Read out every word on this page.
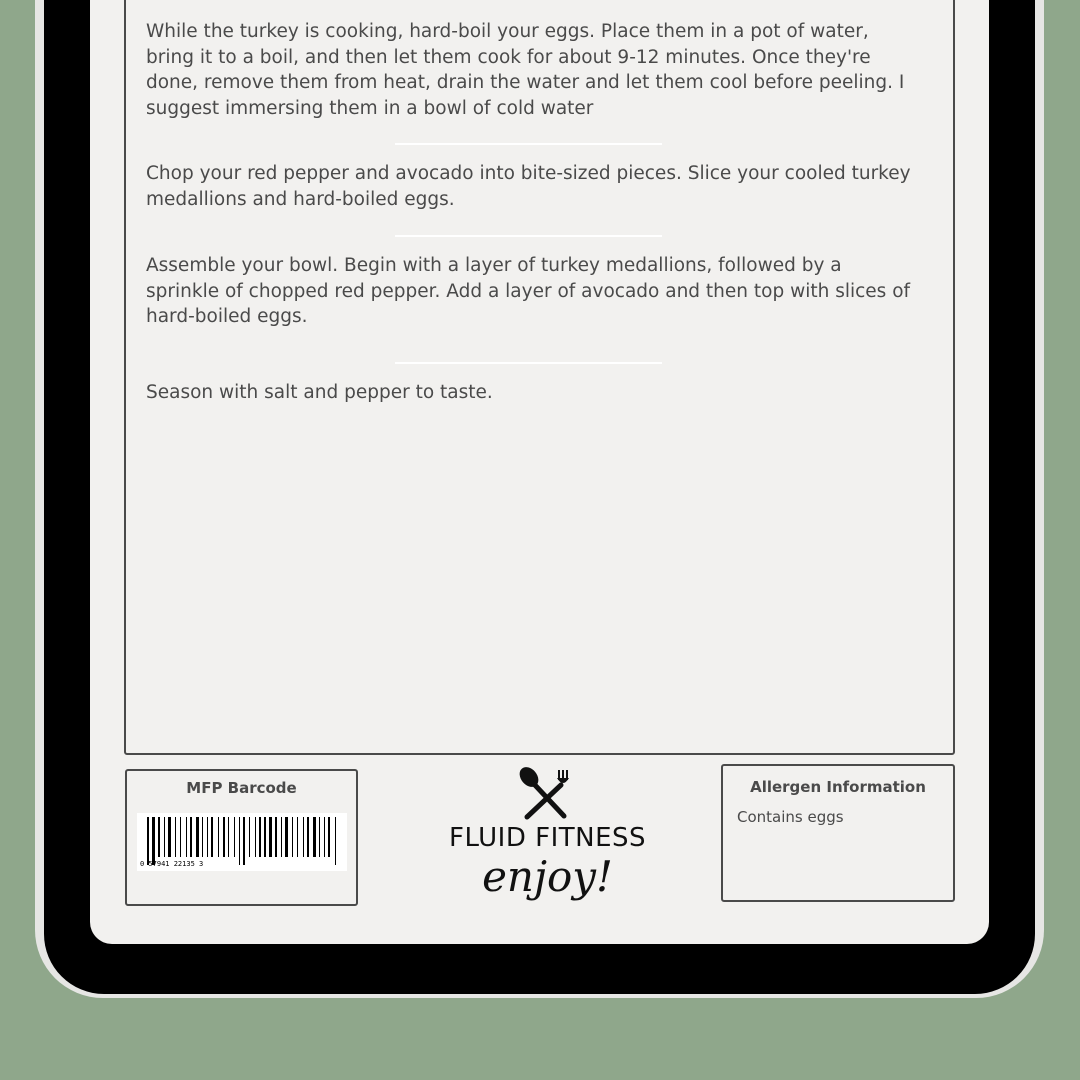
While the turkey is cooking, hard-boil your eggs. Place them in a pot of water, bring it to a boil, and then let them cook for about 9-12 minutes. Once they're done, remove them from heat, drain the water and let them cool before peeling. I suggest immersing them in a bowl of cold water

Chop your red pepper and avocado into bite-sized pieces. Slice your cooled turkey medallions and hard-boiled eggs.

Assemble your bowl. Begin with a layer of turkey medallions, followed by a sprinkle of chopped red pepper. Add a layer of avocado and then top with slices of hard-boiled eggs.

Season with salt and pepper to taste.

MFP Barcode
0 57941 22135 3
FLUID FITNESS
enjoy!
Allergen Information
Contains eggs
